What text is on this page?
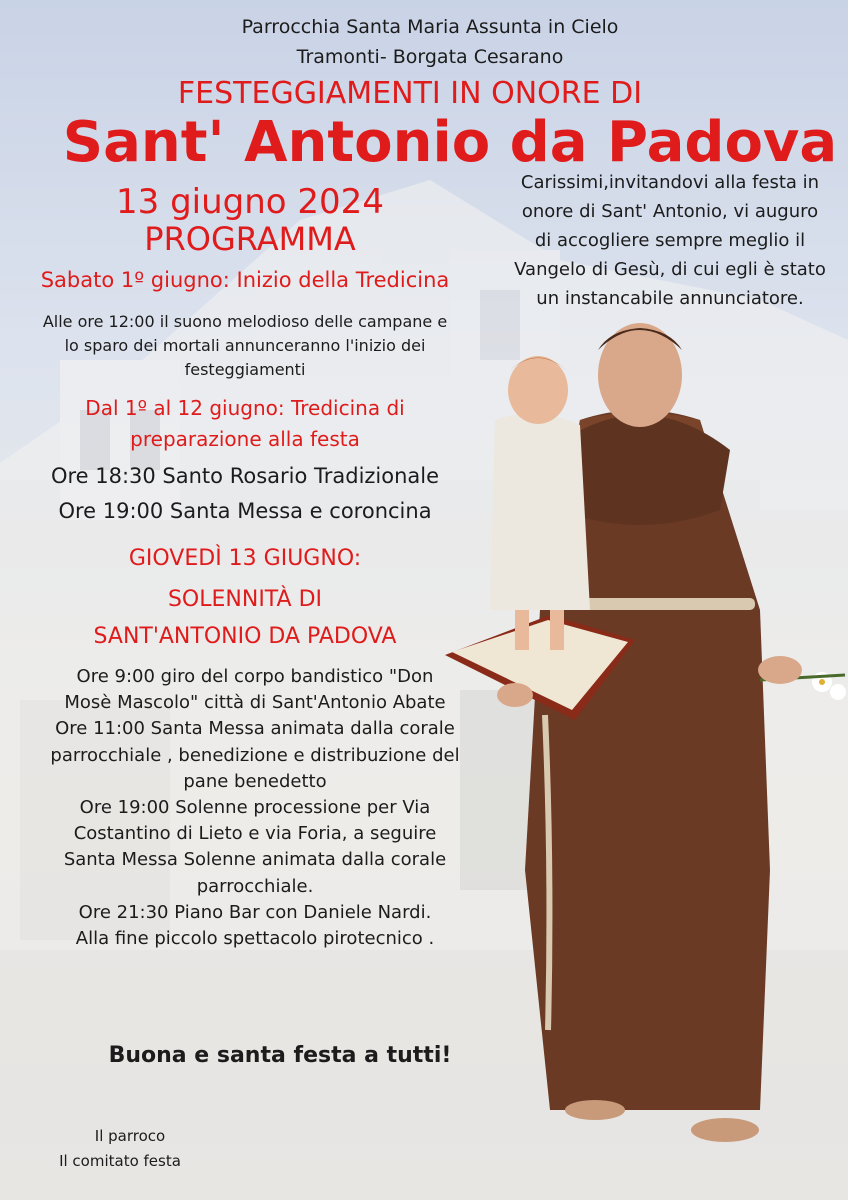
Parrocchia Santa Maria Assunta in Cielo
Tramonti- Borgata Cesarano
FESTEGGIAMENTI IN ONORE DI
Sant' Antonio da Padova
13 giugno 2024
PROGRAMMA
Carissimi,invitandovi alla festa in
onore di Sant' Antonio, vi auguro
di accogliere sempre meglio il
Vangelo di Gesù, di cui egli è stato
un instancabile annunciatore.
Sabato 1º giugno: Inizio della Tredicina
Alle ore 12:00 il suono melodioso delle campane e
lo sparo dei mortali annunceranno l'inizio dei
festeggiamenti
Dal 1º al 12 giugno: Tredicina di
preparazione alla festa
Ore 18:30 Santo Rosario Tradizionale
Ore 19:00 Santa Messa e coroncina
GIOVEDÌ 13 GIUGNO:
SOLENNITÀ DI
SANT'ANTONIO DA PADOVA
Ore 9:00 giro del corpo bandistico "Don
Mosè Mascolo" città di Sant'Antonio Abate
Ore 11:00 Santa Messa animata dalla corale
parrocchiale , benedizione e distribuzione del
pane benedetto
Ore 19:00 Solenne processione per Via
Costantino di Lieto e via Foria, a seguire
Santa Messa Solenne animata dalla corale
parrocchiale.
Ore 21:30 Piano Bar con Daniele Nardi.
Alla fine piccolo spettacolo pirotecnico .
Buona e santa festa a tutti!
Il parroco
Il comitato festa
